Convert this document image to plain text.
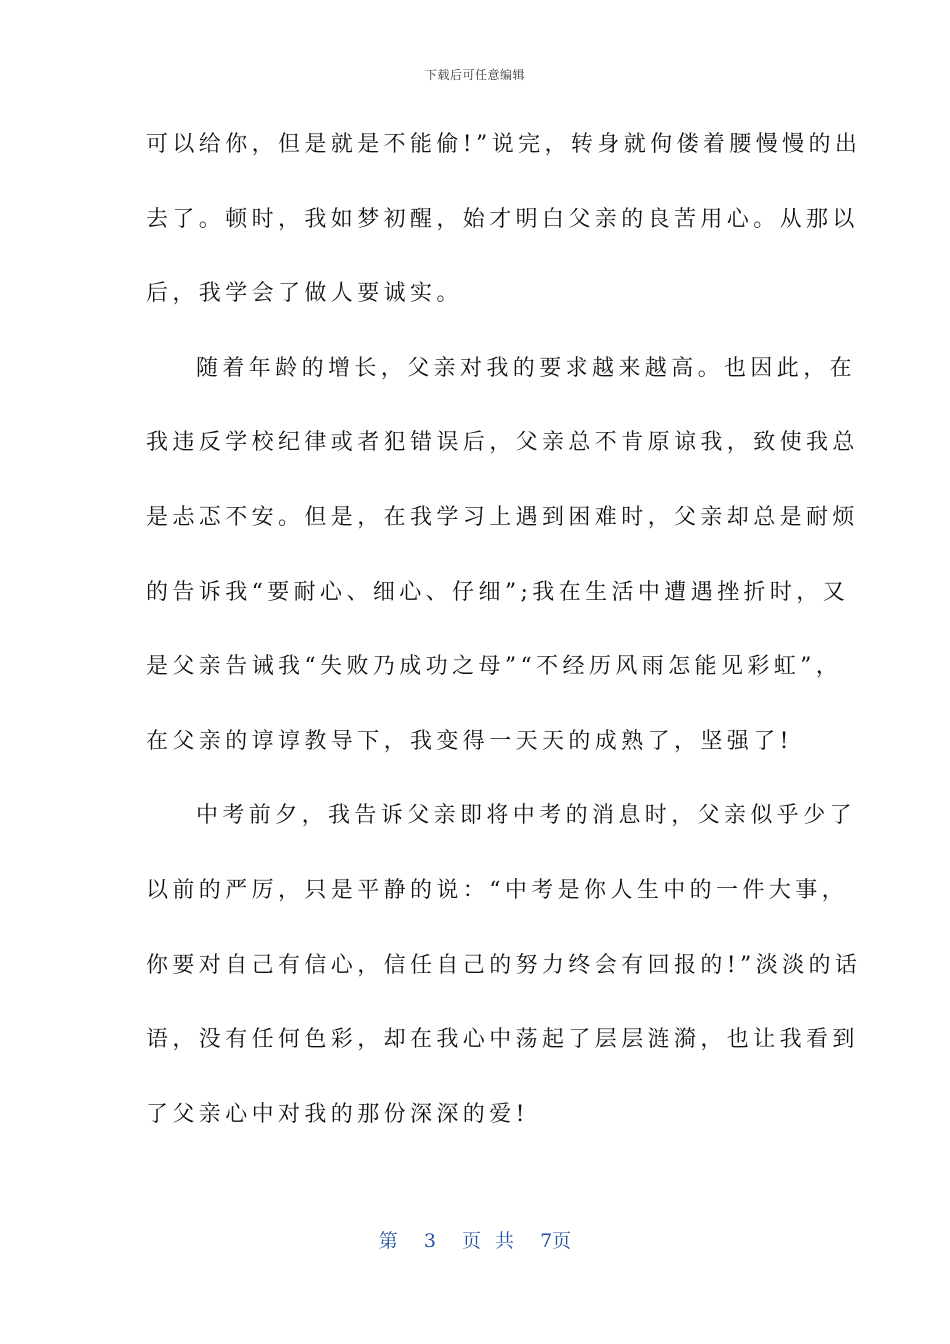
下载后可任意编辑
可以给你，但是就是不能偷!”说完，转身就佝偻着腰慢慢的出
去了。顿时，我如梦初醒，始才明白父亲的良苦用心。从那以
后，我学会了做人要诚实。
随着年龄的增长，父亲对我的要求越来越高。也因此，在
我违反学校纪律或者犯错误后，父亲总不肯原谅我，致使我总
是忐忑不安。但是，在我学习上遇到困难时，父亲却总是耐烦
的告诉我“要耐心、细心、仔细”;我在生活中遭遇挫折时，又
是父亲告诫我“失败乃成功之母”“不经历风雨怎能见彩虹”，
在父亲的谆谆教导下，我变得一天天的成熟了，坚强了!
中考前夕，我告诉父亲即将中考的消息时，父亲似乎少了
以前的严厉，只是平静的说：“中考是你人生中的一件大事，
你要对自己有信心，信任自己的努力终会有回报的!”淡淡的话
语，没有任何色彩，却在我心中荡起了层层涟漪，也让我看到
了父亲心中对我的那份深深的爱!
第 3 页 共 7页
